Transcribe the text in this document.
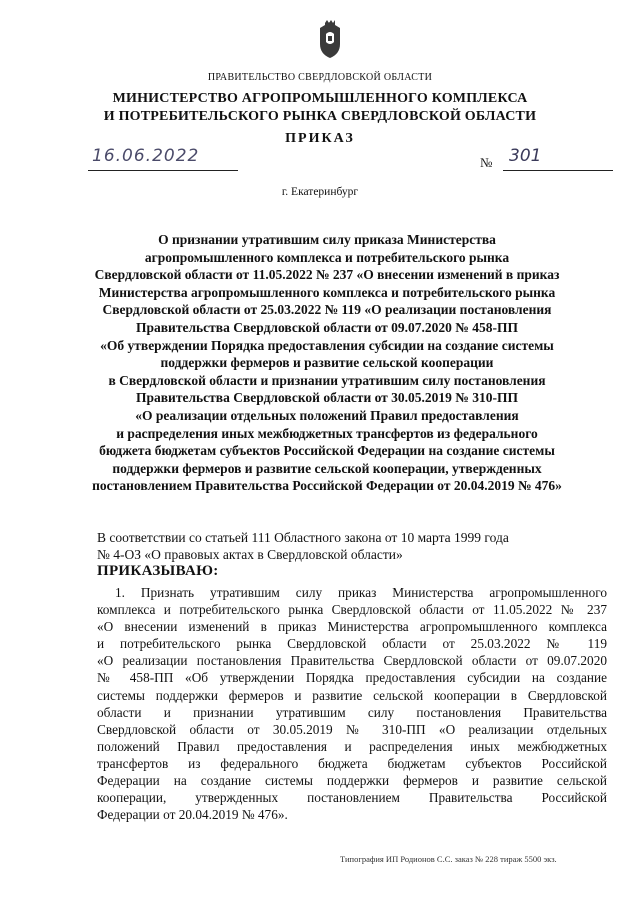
ПРАВИТЕЛЬСТВО СВЕРДЛОВСКОЙ ОБЛАСТИ
МИНИСТЕРСТВО АГРОПРОМЫШЛЕННОГО КОМПЛЕКСА
И ПОТРЕБИТЕЛЬСКОГО РЫНКА СВЕРДЛОВСКОЙ ОБЛАСТИ
ПРИКАЗ
16.06.2022	№ 301
г. Екатеринбург
О признании утратившим силу приказа Министерства
агропромышленного комплекса и потребительского рынка
Свердловской области от 11.05.2022 № 237 «О внесении изменений в приказ
Министерства агропромышленного комплекса и потребительского рынка
Свердловской области от 25.03.2022 № 119 «О реализации постановления
Правительства Свердловской области от 09.07.2020 № 458-ПП
«Об утверждении Порядка предоставления субсидии на создание системы
поддержки фермеров и развитие сельской кооперации
в Свердловской области и признании утратившим силу постановления
Правительства Свердловской области от 30.05.2019 № 310-ПП
«О реализации отдельных положений Правил предоставления
и распределения иных межбюджетных трансфертов из федерального
бюджета бюджетам субъектов Российской Федерации на создание системы
поддержки фермеров и развитие сельской кооперации, утвержденных
постановлением Правительства Российской Федерации от 20.04.2019 № 476»
В соответствии со статьей 111 Областного закона от 10 марта 1999 года
№ 4-ОЗ «О правовых актах в Свердловской области»
ПРИКАЗЫВАЮ:
1. Признать утратившим силу приказ Министерства агропромышленного
комплекса и потребительского рынка Свердловской области от 11.05.2022 № 237
«О внесении изменений в приказ Министерства агропромышленного комплекса
и потребительского рынка Свердловской области от 25.03.2022 № 119
«О реализации постановления Правительства Свердловской области от 09.07.2020
№ 458-ПП «Об утверждении Порядка предоставления субсидии на создание
системы поддержки фермеров и развитие сельской кооперации в Свердловской
области и признании утратившим силу постановления Правительства
Свердловской области от 30.05.2019 № 310-ПП «О реализации отдельных
положений Правил предоставления и распределения иных межбюджетных
трансфертов из федерального бюджета бюджетам субъектов Российской
Федерации на создание системы поддержки фермеров и развитие сельской
кооперации, утвержденных постановлением Правительства Российской
Федерации от 20.04.2019 № 476».
Типография ИП Родионов С.С. заказ № 228 тираж 5500 экз.
